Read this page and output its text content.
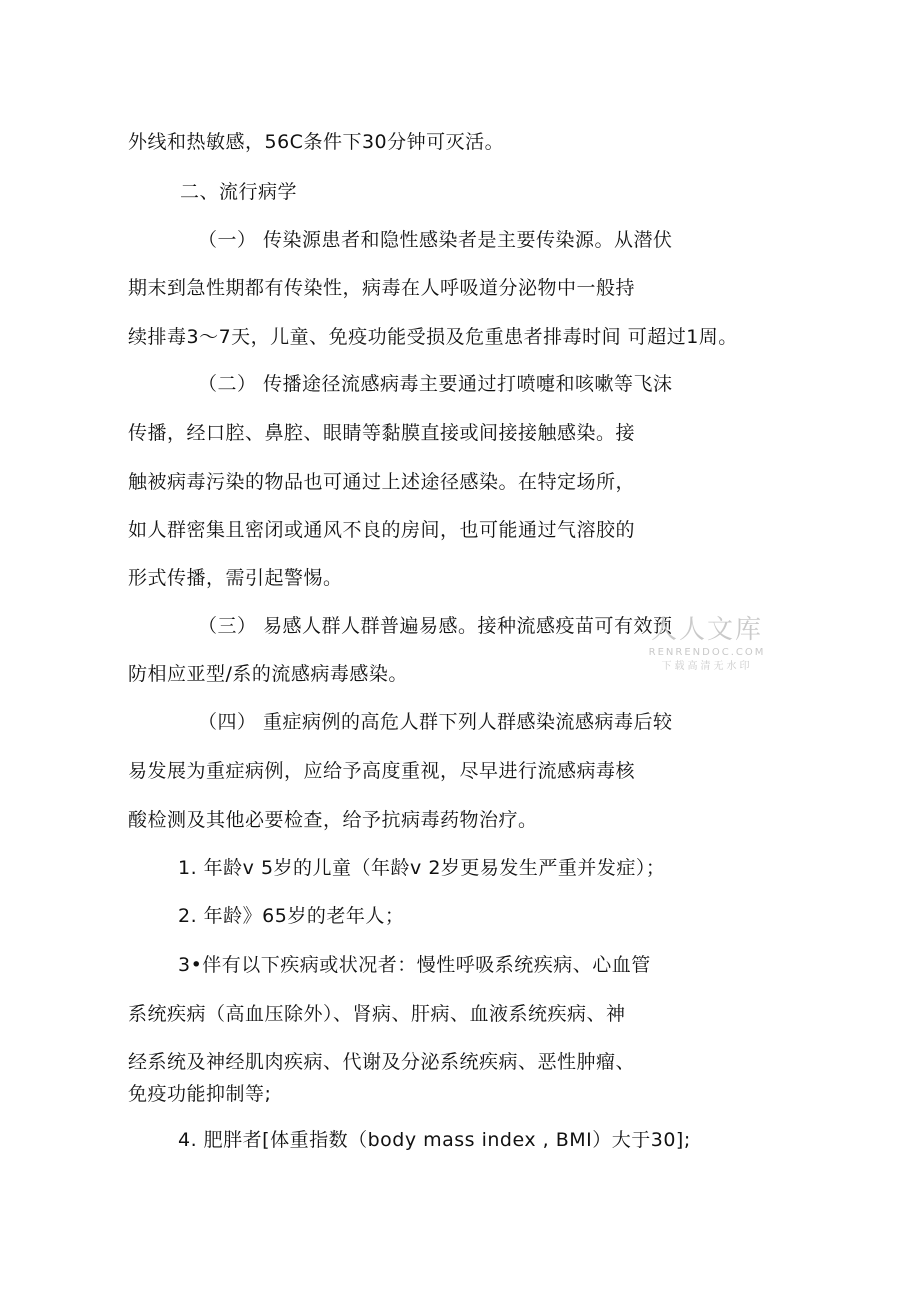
外线和热敏感，56C条件下30分钟可灭活。
二、流行病学
（一） 传染源患者和隐性感染者是主要传染源。从潜伏
期末到急性期都有传染性，病毒在人呼吸道分泌物中一般持
续排毒3～7天，儿童、免疫功能受损及危重患者排毒时间 可超过1周。
（二） 传播途径流感病毒主要通过打喷嚏和咳嗽等飞沫
传播，经口腔、鼻腔、眼睛等黏膜直接或间接接触感染。接
触被病毒污染的物品也可通过上述途径感染。在特定场所，
如人群密集且密闭或通风不良的房间，也可能通过气溶胶的
形式传播，需引起警惕。
（三） 易感人群人群普遍易感。接种流感疫苗可有效预
防相应亚型/系的流感病毒感染。
（四） 重症病例的高危人群下列人群感染流感病毒后较
易发展为重症病例，应给予高度重视，尽早进行流感病毒核
酸检测及其他必要检查，给予抗病毒药物治疗。
1. 年龄v 5岁的儿童（年龄v 2岁更易发生严重并发症）；
2. 年龄》65岁的老年人；
3•伴有以下疾病或状况者：慢性呼吸系统疾病、心血管
系统疾病（高血压除外）、肾病、肝病、血液系统疾病、神
经系统及神经肌肉疾病、代谢及分泌系统疾病、恶性肿瘤、
免疫功能抑制等;
4. 肥胖者[体重指数（body mass index , BMI）大于30];
人人文库
RENRENDOC.COM
下载高清无水印
